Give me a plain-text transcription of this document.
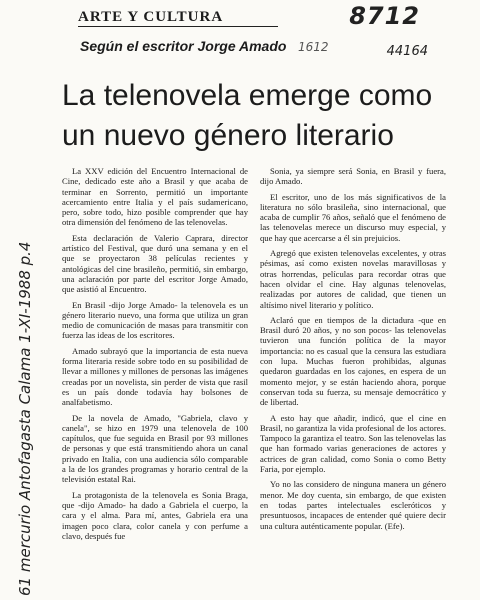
8712
44164
1612
61 mercurio Antofagasta Calama 1-XI-1988 p.4
ARTE Y CULTURA
Según el escritor Jorge Amado
La telenovela emerge como
un nuevo género literario

La XXV edición del Encuentro Internacional de Cine, dedicado este año a Brasil y que acaba de terminar en Sorrento, permitió un importante acercamiento entre Italia y el país sudamericano, pero, sobre todo, hizo posible comprender que hay otra dimensión del fenómeno de las telenovelas.

Esta declaración de Valerio Caprara, director artístico del Festival, que duró una semana y en el que se proyectaron 38 películas recientes y antológicas del cine brasileño, permitió, sin embargo, una aclaración por parte del escritor Jorge Amado, que asistió al Encuentro.

En Brasil -dijo Jorge Amado- la telenovela es un género literario nuevo, una forma que utiliza un gran medio de comunicación de masas para transmitir con fuerza las ideas de los escritores.

Amado subrayó que la importancia de esta nueva forma literaria reside sobre todo en su posibilidad de llevar a millones y millones de personas las imágenes creadas por un novelista, sin perder de vista que rasil es un país donde todavía hay bolsones de analfabetismo.

De la novela de Amado, "Gabriela, clavo y canela", se hizo en 1979 una telenovela de 100 capítulos, que fue seguida en Brasil por 93 millones de personas y que está transmitiendo ahora un canal privado en Italia, con una audiencia sólo comparable a la de los grandes programas y horario central de la televisión estatal Rai.

La protagonista de la telenovela es Sonia Braga, que -dijo Amado- ha dado a Gabriela el cuerpo, la cara y el alma. Para mí, antes, Gabriela era una imagen poco clara, color canela y con perfume a clavo, después fue

Sonia, ya siempre será Sonia, en Brasil y fuera, dijo Amado.

El escritor, uno de los más significativos de la literatura no sólo brasileña, sino internacional, que acaba de cumplir 76 años, señaló que el fenómeno de las telenovelas merece un discurso muy especial, y que hay que acercarse a él sin prejuicios.

Agregó que existen telenovelas excelentes, y otras pésimas, así como existen novelas maravillosas y otras horrendas, películas para recordar otras que hacen olvidar el cine. Hay algunas telenovelas, realizadas por autores de calidad, que tienen un altísimo nivel literario y político.

Aclaró que en tiempos de la dictadura -que en Brasil duró 20 años, y no son pocos- las telenovelas tuvieron una función política de la mayor importancia: no es casual que la censura las estudiara con lupa. Muchas fueron prohibidas, algunas quedaron guardadas en los cajones, en espera de un momento mejor, y se están haciendo ahora, porque conservan toda su fuerza, su mensaje democrático y de libertad.

A esto hay que añadir, indicó, que el cine en Brasil, no garantiza la vida profesional de los actores. Tampoco la garantiza el teatro. Son las telenovelas las que han formado varias generaciones de actores y actrices de gran calidad, como Sonia o como Betty Faria, por ejemplo.

Yo no las considero de ninguna manera un género menor. Me doy cuenta, sin embargo, de que existen en todas partes intelectuales escleróticos y presuntuosos, incapaces de entender qué quiere decir una cultura auténticamente popular. (Efe).
